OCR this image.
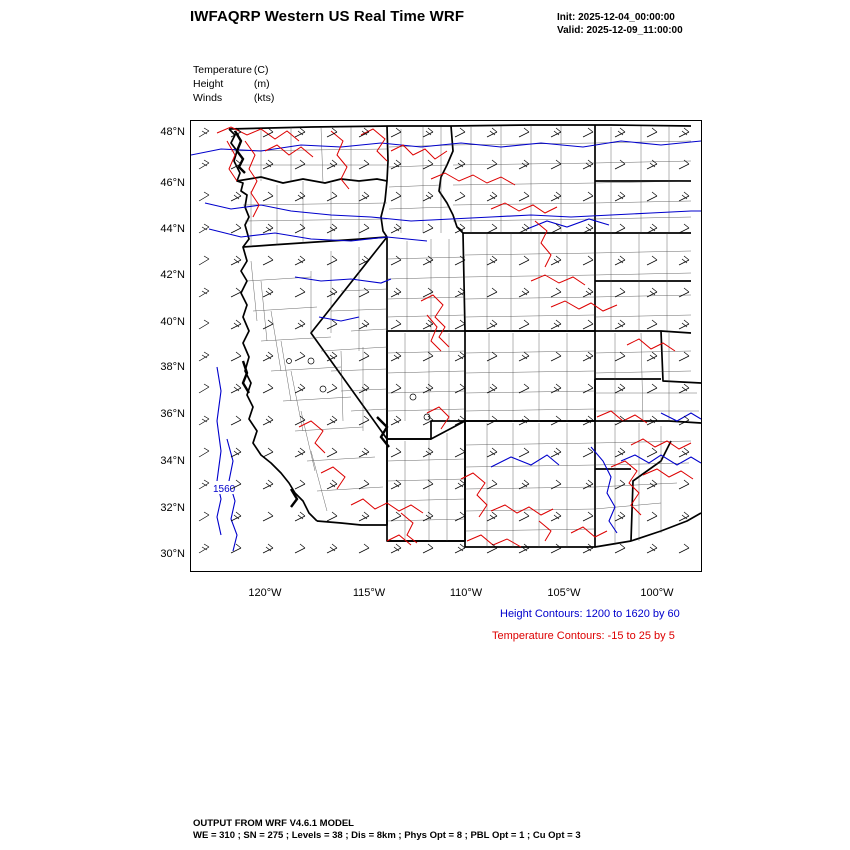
IWFAQRP Western US Real Time WRF	Init: 2025-12-04_00:00:00
Valid: 2025-12-09_11:00:00
Temperature (C)
Height	(m)
Winds	(kts)
48°N
46°N
44°N
42°N
40°N
38°N
36°N
34°N
32°N
30°N
120°W	115°W	110°W	105°W	100°W
1560
Height Contours: 1200 to 1620 by 60
Temperature Contours: -15 to 25 by 5
OUTPUT FROM WRF V4.6.1 MODEL
WE = 310 ; SN = 275 ; Levels = 38 ; Dis = 8km ; Phys Opt = 8 ; PBL Opt = 1 ; Cu Opt = 3
